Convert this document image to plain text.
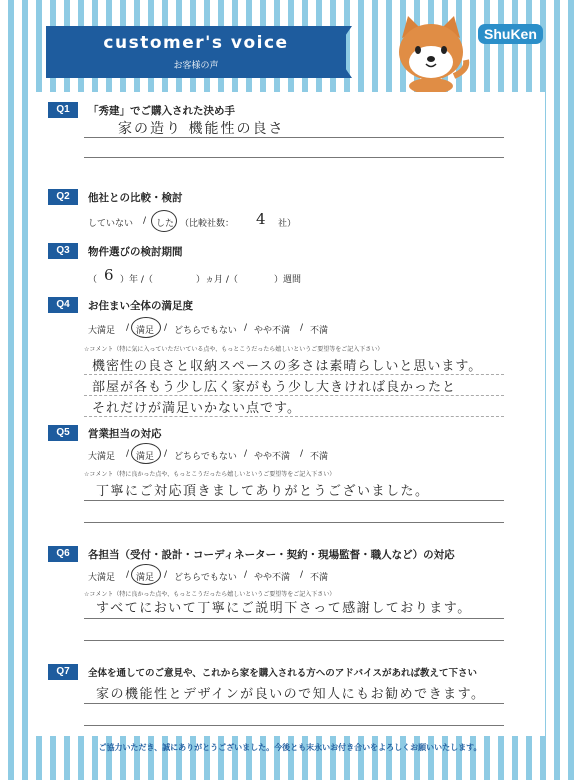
customer's voice
お客様の声
ShuKen
Q1	「秀建」でご購入された決め手
家の造り 機能性の良さ
Q2	他社との比較・検討
していない / した （比較社数： 4 社）
Q3	物件選びの検討期間
（ 6 ）年 /（	）ヵ月 /（	）週間
Q4	お住まい全体の満足度
大満足 / 満足 / どちらでもない / やや不満 / 不満
☆コメント（特に気に入っていただいている点や、もっとこうだったら嬉しいというご要望等をご記入下さい）
機密性の良さと収納スペースの多さは素晴らしいと思います。
部屋が各もう少し広く家がもう少し大きければ良かったと
それだけが満足いかない点です。
Q5	営業担当の対応
大満足 / 満足 / どちらでもない / やや不満 / 不満
☆コメント（特に良かった点や、もっとこうだったら嬉しいというご要望等をご記入下さい）
丁寧にご対応頂きましてありがとうございました。
Q6	各担当（受付・設計・コーディネーター・契約・現場監督・職人など）の対応
大満足 / 満足 / どちらでもない / やや不満 / 不満
☆コメント（特に良かった点や、もっとこうだったら嬉しいというご要望等をご記入下さい）
すべてにおいて丁寧にご説明下さって感謝しております。
Q7	全体を通してのご意見や、これから家を購入される方へのアドバイスがあれば教えて下さい
家の機能性とデザインが良いので知人にもお勧めできます。
ご協力いただき、誠にありがとうございました。今後とも末永いお付き合いをよろしくお願いいたします。
